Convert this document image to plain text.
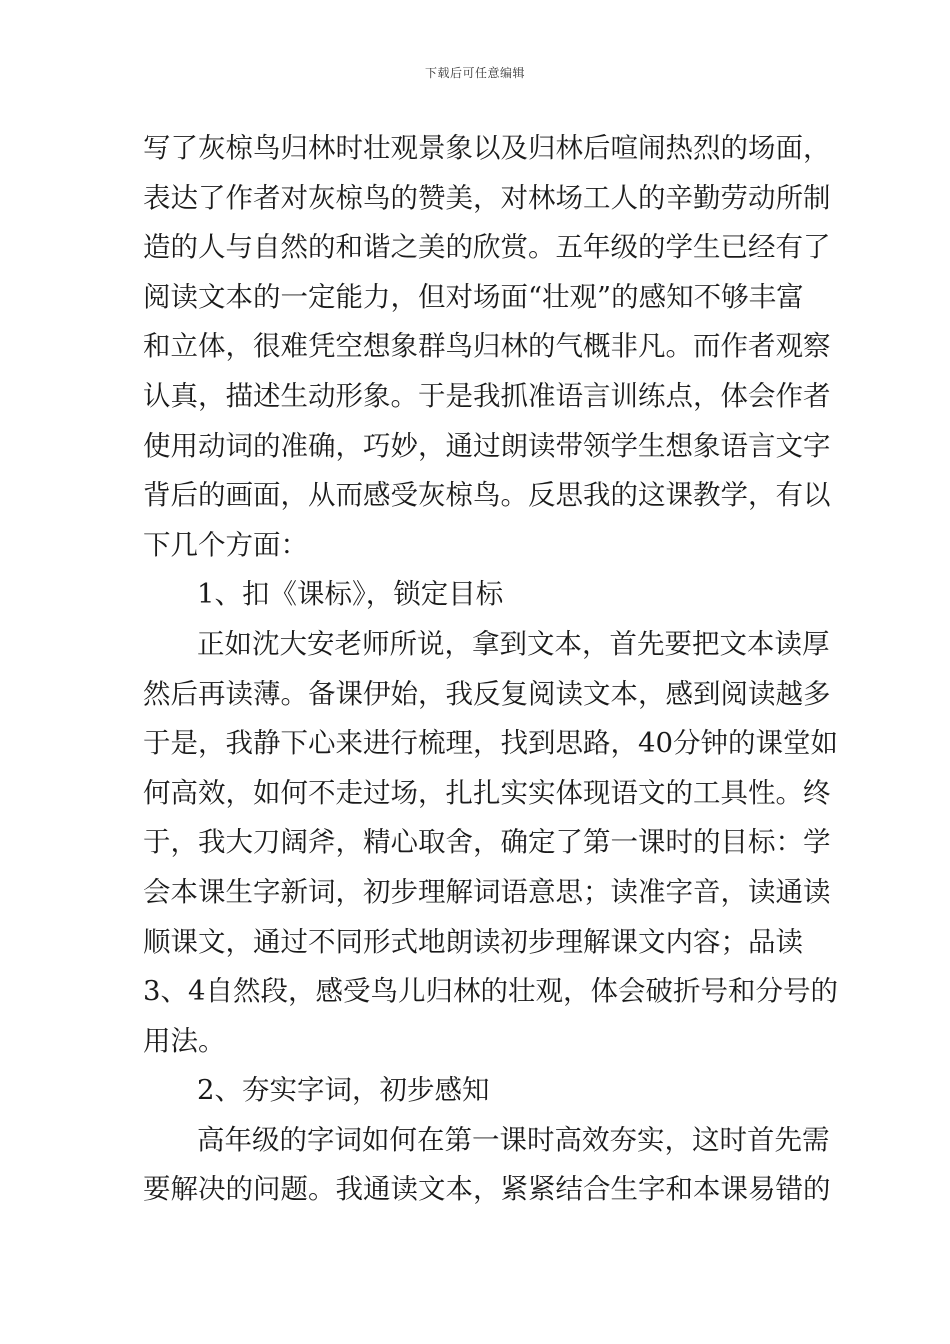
下载后可任意编辑
写了灰椋鸟归林时壮观景象以及归林后喧闹热烈的场面，
表达了作者对灰椋鸟的赞美，对林场工人的辛勤劳动所制
造的人与自然的和谐之美的欣赏。五年级的学生已经有了
阅读文本的一定能力，但对场面“壮观”的感知不够丰富
和立体，很难凭空想象群鸟归林的气概非凡。而作者观察
认真，描述生动形象。于是我抓准语言训练点，体会作者
使用动词的准确，巧妙，通过朗读带领学生想象语言文字
背后的画面，从而感受灰椋鸟。反思我的这课教学，有以
下几个方面：
1、扣《课标》，锁定目标
正如沈大安老师所说，拿到文本，首先要把文本读厚
然后再读薄。备课伊始，我反复阅读文本，感到阅读越多
于是，我静下心来进行梳理，找到思路，40分钟的课堂如
何高效，如何不走过场，扎扎实实体现语文的工具性。终
于，我大刀阔斧，精心取舍，确定了第一课时的目标：学
会本课生字新词，初步理解词语意思；读准字音，读通读
顺课文，通过不同形式地朗读初步理解课文内容；品读
3、4自然段，感受鸟儿归林的壮观，体会破折号和分号的
用法。
2、夯实字词，初步感知
高年级的字词如何在第一课时高效夯实，这时首先需
要解决的问题。我通读文本，紧紧结合生字和本课易错的
